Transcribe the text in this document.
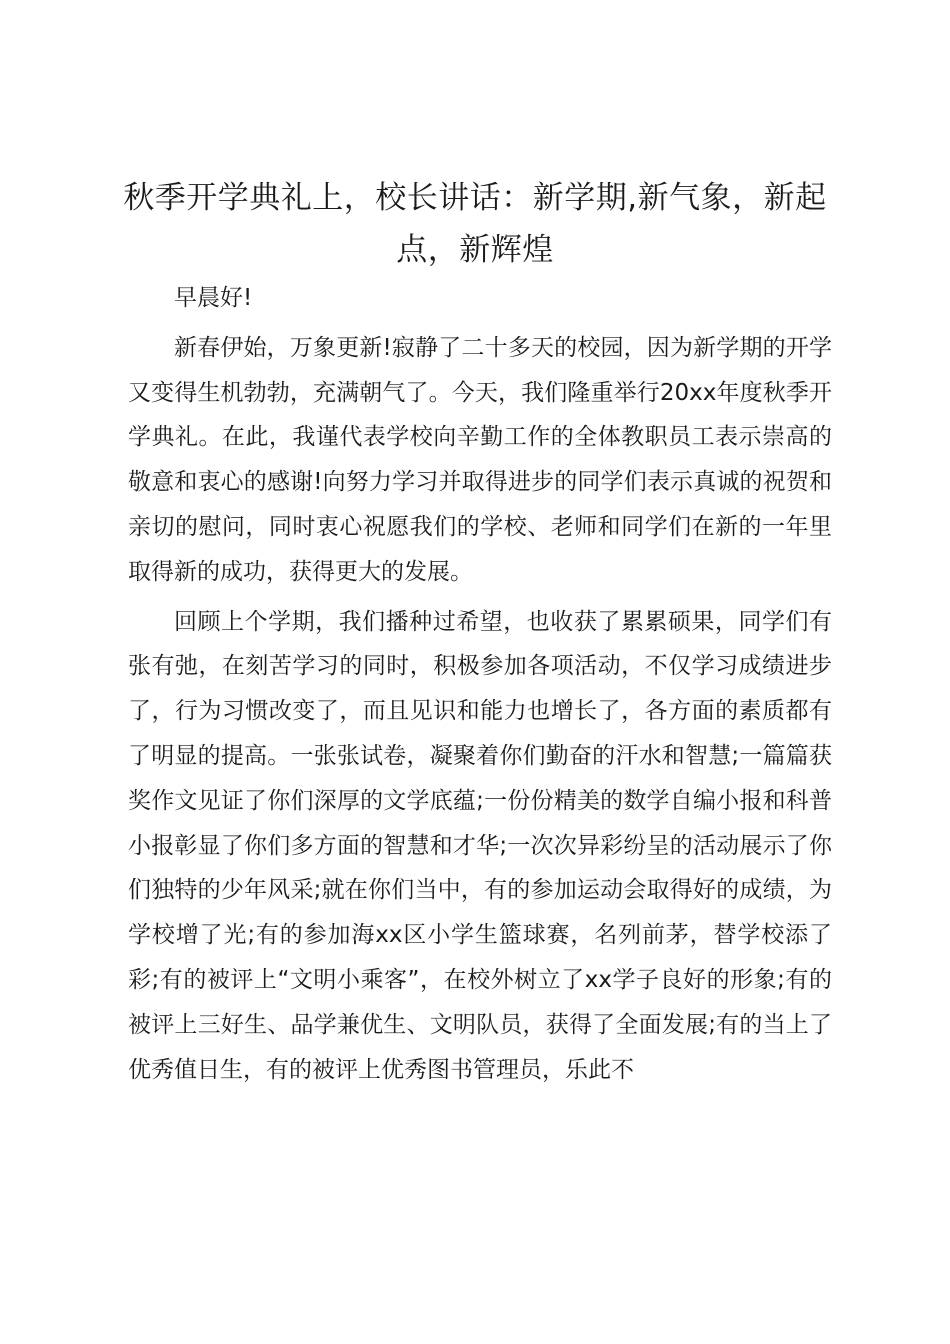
秋季开学典礼上，校长讲话：新学期,新气象，新起点，新辉煌

早晨好!

新春伊始，万象更新!寂静了二十多天的校园，因为新学期的开学又变得生机勃勃，充满朝气了。今天，我们隆重举行20xx年度秋季开学典礼。在此，我谨代表学校向辛勤工作的全体教职员工表示崇高的敬意和衷心的感谢!向努力学习并取得进步的同学们表示真诚的祝贺和亲切的慰问，同时衷心祝愿我们的学校、老师和同学们在新的一年里取得新的成功，获得更大的发展。

回顾上个学期，我们播种过希望，也收获了累累硕果，同学们有张有弛，在刻苦学习的同时，积极参加各项活动，不仅学习成绩进步了，行为习惯改变了，而且见识和能力也增长了，各方面的素质都有了明显的提高。一张张试卷，凝聚着你们勤奋的汗水和智慧;一篇篇获奖作文见证了你们深厚的文学底蕴;一份份精美的数学自编小报和科普小报彰显了你们多方面的智慧和才华;一次次异彩纷呈的活动展示了你们独特的少年风采;就在你们当中，有的参加运动会取得好的成绩，为学校增了光;有的参加海xx区小学生篮球赛，名列前茅，替学校添了彩;有的被评上“文明小乘客”，在校外树立了xx学子良好的形象;有的被评上三好生、品学兼优生、文明队员，获得了全面发展;有的当上了优秀值日生，有的被评上优秀图书管理员，乐此不
